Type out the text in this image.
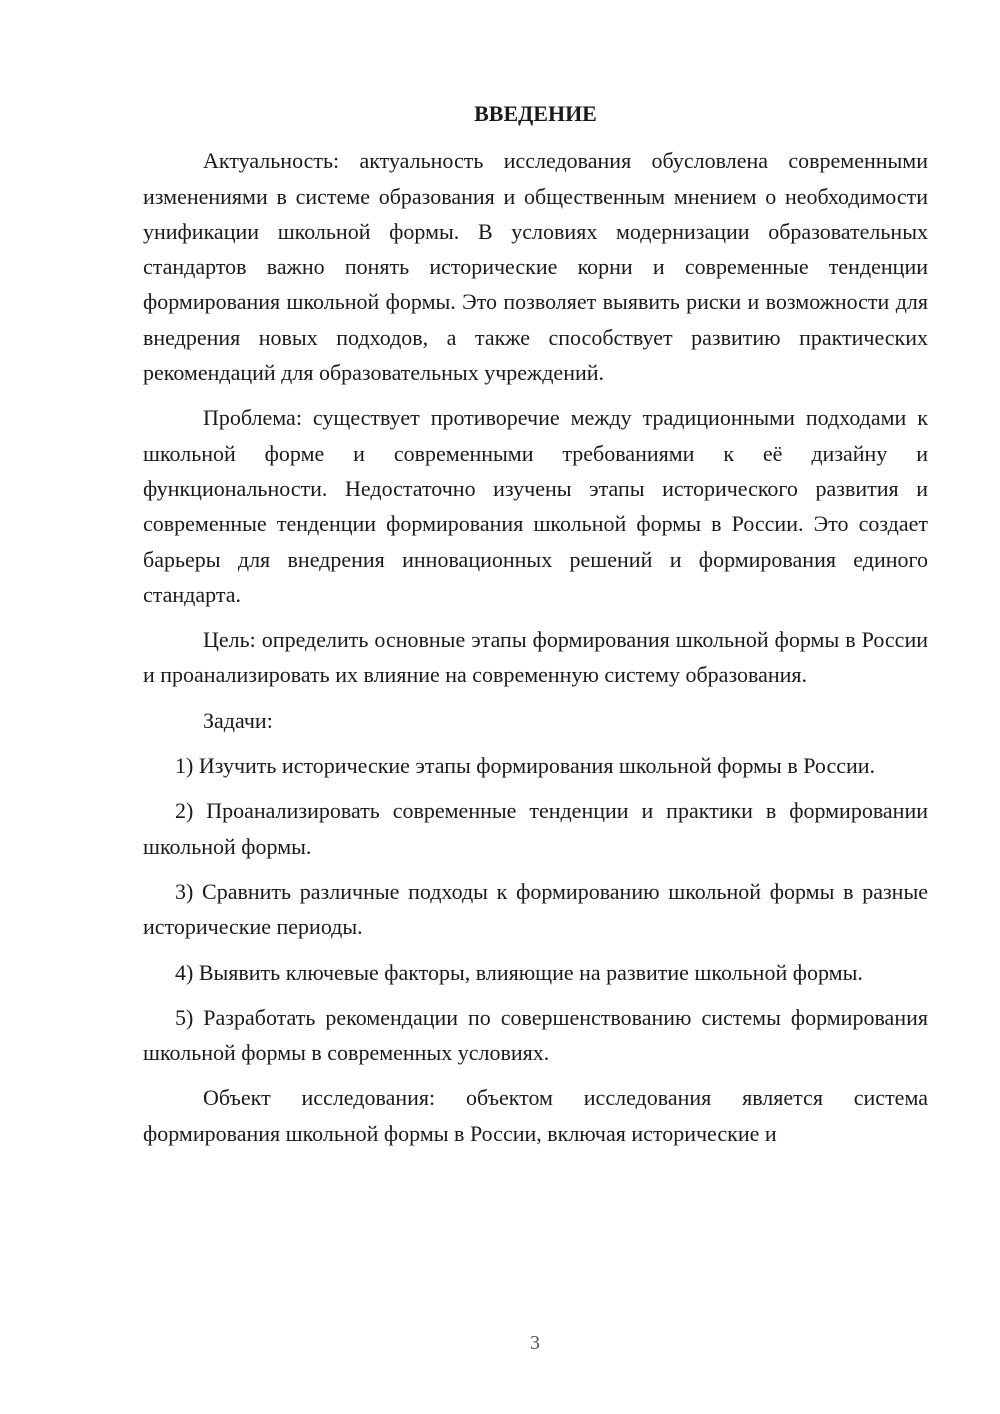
ВВЕДЕНИЕ

Актуальность: актуальность исследования обусловлена современными изменениями в системе образования и общественным мнением о необходимости унификации школьной формы. В условиях модернизации образовательных стандартов важно понять исторические корни и современные тенденции формирования школьной формы. Это позволяет выявить риски и возможности для внедрения новых подходов, а также способствует развитию практических рекомендаций для образовательных учреждений.

Проблема: существует противоречие между традиционными подходами к школьной форме и современными требованиями к её дизайну и функциональности. Недостаточно изучены этапы исторического развития и современные тенденции формирования школьной формы в России. Это создает барьеры для внедрения инновационных решений и формирования единого стандарта.

Цель: определить основные этапы формирования школьной формы в России и проанализировать их влияние на современную систему образования.

Задачи:

1) Изучить исторические этапы формирования школьной формы в России.

2) Проанализировать современные тенденции и практики в формировании школьной формы.

3) Сравнить различные подходы к формированию школьной формы в разные исторические периоды.

4) Выявить ключевые факторы, влияющие на развитие школьной формы.

5) Разработать рекомендации по совершенствованию системы формирования школьной формы в современных условиях.

Объект исследования: объектом исследования является система формирования школьной формы в России, включая исторические и

3
